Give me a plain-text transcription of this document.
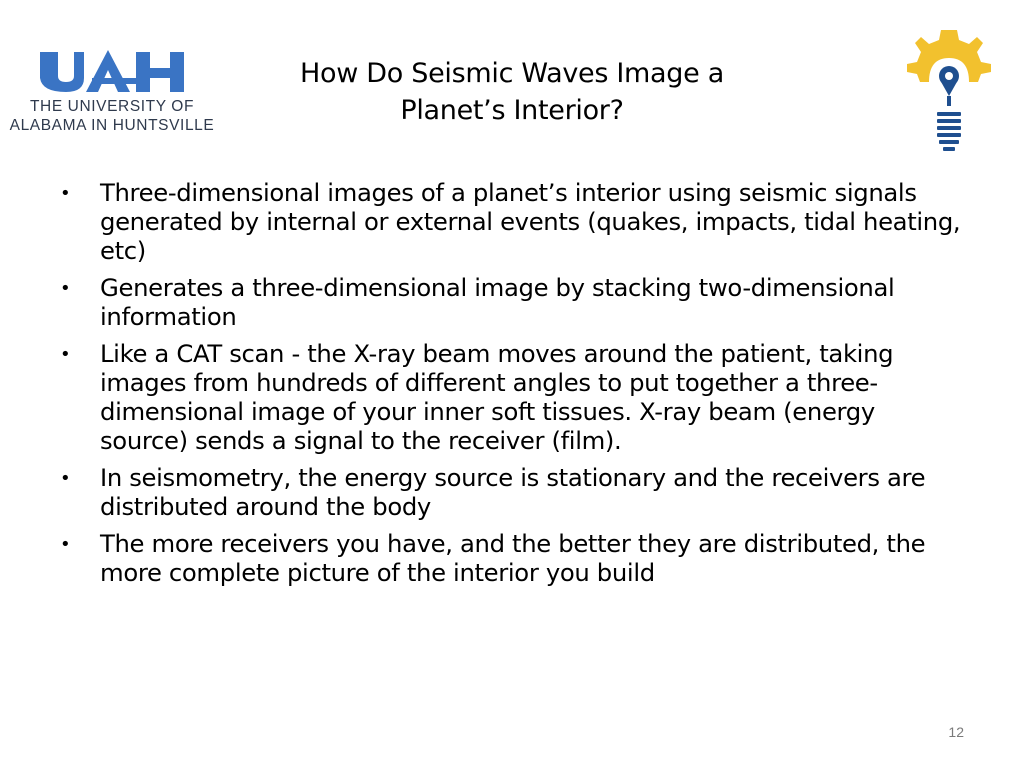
THE UNIVERSITY OF
ALABAMA IN HUNTSVILLE
How Do Seismic Waves Image a
Planet’s Interior?
• Three-dimensional images of a planet’s interior using seismic signals generated by internal or external events (quakes, impacts, tidal heating, etc)
• Generates a three-dimensional image by stacking two-dimensional information
• Like a CAT scan - the X-ray beam moves around the patient, taking images from hundreds of different angles to put together a three-dimensional image of your inner soft tissues. X-ray beam (energy source) sends a signal to the receiver (film).
• In seismometry, the energy source is stationary and the receivers are distributed around the body
• The more receivers you have, and the better they are distributed, the more complete picture of the interior you build
12
